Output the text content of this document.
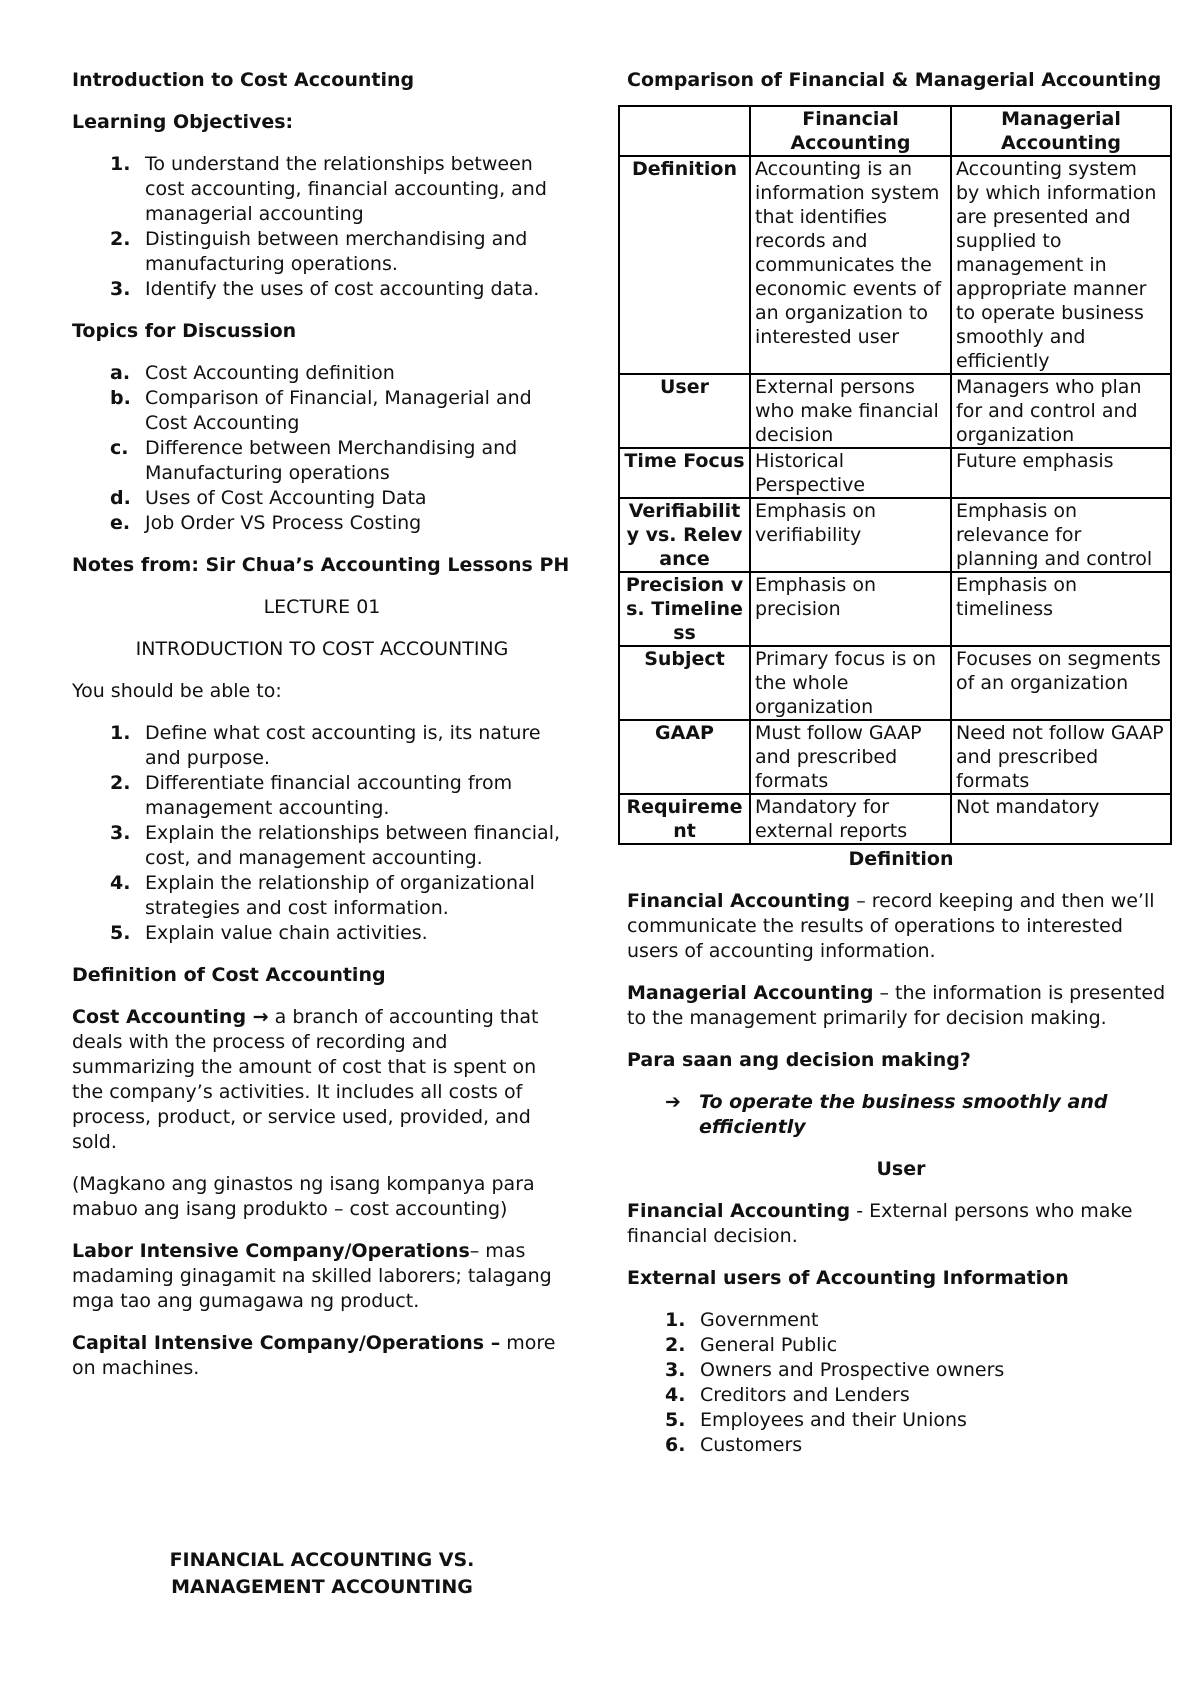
Introduction to Cost Accounting

Learning Objectives:

1. To understand the relationships between cost accounting, financial accounting, and managerial accounting
2. Distinguish between merchandising and manufacturing operations.
3. Identify the uses of cost accounting data.

Topics for Discussion

a. Cost Accounting definition
b. Comparison of Financial, Managerial and Cost Accounting
c. Difference between Merchandising and Manufacturing operations
d. Uses of Cost Accounting Data
e. Job Order VS Process Costing

Notes from: Sir Chua’s Accounting Lessons PH

LECTURE 01

INTRODUCTION TO COST ACCOUNTING

You should be able to:

1. Define what cost accounting is, its nature and purpose.
2. Differentiate financial accounting from management accounting.
3. Explain the relationships between financial, cost, and management accounting.
4. Explain the relationship of organizational strategies and cost information.
5. Explain value chain activities.

Definition of Cost Accounting

Cost Accounting → a branch of accounting that deals with the process of recording and summarizing the amount of cost that is spent on the company’s activities. It includes all costs of process, product, or service used, provided, and sold.

(Magkano ang ginastos ng isang kompanya para mabuo ang isang produkto – cost accounting)

Labor Intensive Company/Operations– mas madaming ginagamit na skilled laborers; talagang mga tao ang gumagawa ng product.

Capital Intensive Company/Operations – more on machines.

FINANCIAL ACCOUNTING VS.
MANAGEMENT ACCOUNTING

Comparison of Financial & Managerial Accounting

	Financial Accounting	Managerial Accounting
Definition	Accounting is an information system that identifies records and communicates the economic events of an organization to interested user	Accounting system by which information are presented and supplied to management in appropriate manner to operate business smoothly and efficiently
User	External persons who make financial decision	Managers who plan for and control and organization
Time Focus	Historical Perspective	Future emphasis
Verifiability vs. Relevance	Emphasis on verifiability	Emphasis on relevance for planning and control
Precision vs. Timeliness	Emphasis on precision	Emphasis on timeliness
Subject	Primary focus is on the whole organization	Focuses on segments of an organization
GAAP	Must follow GAAP and prescribed formats	Need not follow GAAP and prescribed formats
Requirement	Mandatory for external reports	Not mandatory

Definition

Financial Accounting – record keeping and then we’ll communicate the results of operations to interested users of accounting information.

Managerial Accounting – the information is presented to the management primarily for decision making.

Para saan ang decision making?

➔ To operate the business smoothly and efficiently

User

Financial Accounting - External persons who make financial decision.

External users of Accounting Information

1. Government
2. General Public
3. Owners and Prospective owners
4. Creditors and Lenders
5. Employees and their Unions
6. Customers
